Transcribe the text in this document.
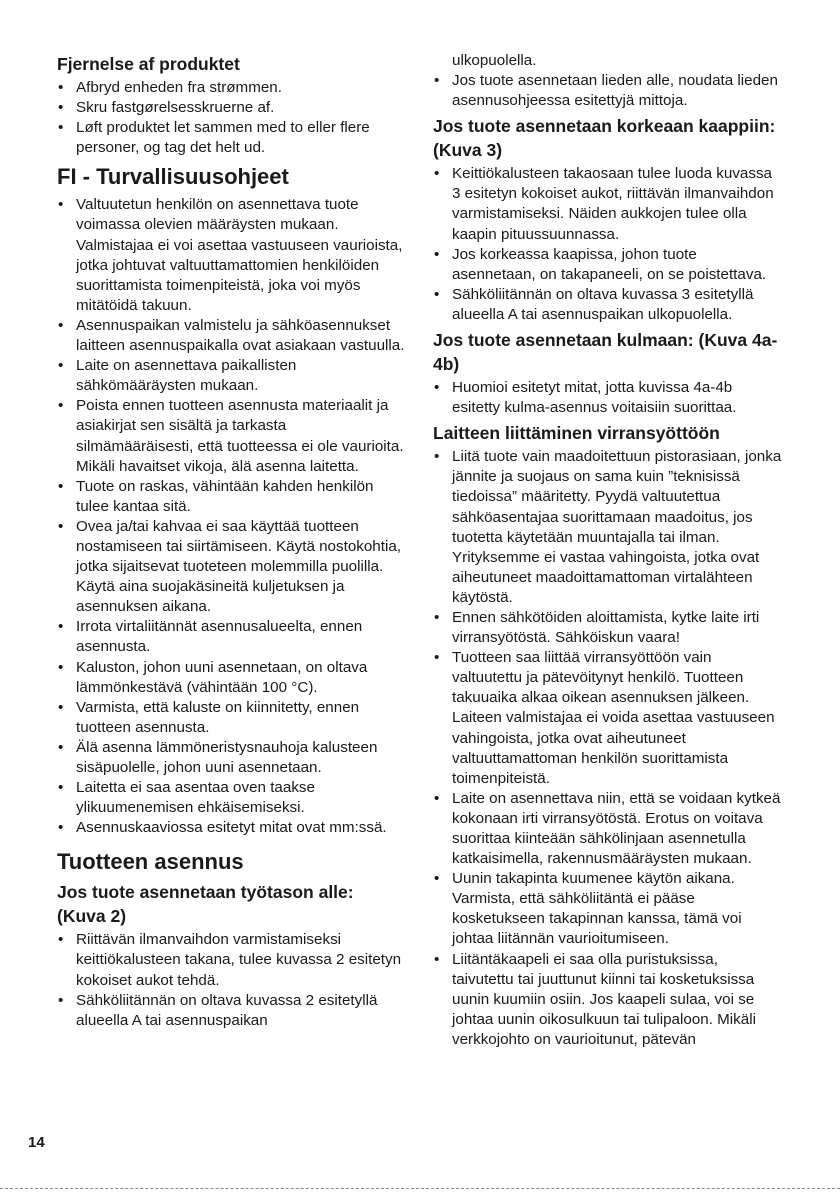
Fjernelse af produktet
• Afbryd enheden fra strømmen.
• Skru fastgørelsesskruerne af.
• Løft produktet let sammen med to eller flere personer, og tag det helt ud.
FI - Turvallisuusohjeet
• Valtuutetun henkilön on asennettava tuote voimassa olevien määräysten mukaan. Valmistajaa ei voi asettaa vastuuseen vaurioista, jotka johtuvat valtuuttamattomien henkilöiden suorittamista toimenpiteistä, joka voi myös mitätöidä takuun.
• Asennuspaikan valmistelu ja sähköasennukset laitteen asennuspaikalla ovat asiakaan vastuulla.
• Laite on asennettava paikallisten sähkömääräysten mukaan.
• Poista ennen tuotteen asennusta materiaalit ja asiakirjat sen sisältä ja tarkasta silmämääräisesti, että tuotteessa ei ole vaurioita. Mikäli havaitset vikoja, älä asenna laitetta.
• Tuote on raskas, vähintään kahden henkilön tulee kantaa sitä.
• Ovea ja/tai kahvaa ei saa käyttää tuotteen nostamiseen tai siirtämiseen. Käytä nostokohtia, jotka sijaitsevat tuoteteen molemmilla puolilla. Käytä aina suojakäsineitä kuljetuksen ja asennuksen aikana.
• Irrota virtaliitännät asennusalueelta, ennen asennusta.
• Kaluston, johon uuni asennetaan, on oltava lämmönkestävä (vähintään 100 °C).
• Varmista, että kaluste on kiinnitetty, ennen tuotteen asennusta.
• Älä asenna lämmöneristysnauhoja kalusteen sisäpuolelle, johon uuni asennetaan.
• Laitetta ei saa asentaa oven taakse ylikuumenemisen ehkäisemiseksi.
• Asennuskaaviossa esitetyt mitat ovat mm:ssä.
Tuotteen asennus
Jos tuote asennetaan työtason alle: (Kuva 2)
• Riittävän ilmanvaihdon varmistamiseksi keittiökalusteen takana, tulee kuvassa 2 esitetyn kokoiset aukot tehdä.
• Sähköliitännän on oltava kuvassa 2 esitetyllä alueella A tai asennuspaikan
ulkopuolella.
• Jos tuote asennetaan lieden alle, noudata lieden asennusohjeessa esitettyjä mittoja.
Jos tuote asennetaan korkeaan kaappiin: (Kuva 3)
• Keittiökalusteen takaosaan tulee luoda kuvassa 3 esitetyn kokoiset aukot, riittävän ilmanvaihdon varmistamiseksi. Näiden aukkojen tulee olla kaapin pituussuunnassa.
• Jos korkeassa kaapissa, johon tuote asennetaan, on takapaneeli, on se poistettava.
• Sähköliitännän on oltava kuvassa 3 esitetyllä alueella A tai asennuspaikan ulkopuolella.
Jos tuote asennetaan kulmaan: (Kuva 4a-4b)
• Huomioi esitetyt mitat, jotta kuvissa 4a-4b esitetty kulma-asennus voitaisiin suorittaa.
Laitteen liittäminen virransyöttöön
• Liitä tuote vain maadoitettuun pistorasiaan, jonka jännite ja suojaus on sama kuin ”teknisissä tiedoissa” määritetty. Pyydä valtuutettua sähköasentajaa suorittamaan maadoitus, jos tuotetta käytetään muuntajalla tai ilman. Yrityksemme ei vastaa vahingoista, jotka ovat aiheutuneet maadoittamattoman virtalähteen käytöstä.
• Ennen sähkötöiden aloittamista, kytke laite irti virransyötöstä. Sähköiskun vaara!
• Tuotteen saa liittää virransyöttöön vain valtuutettu ja pätevöitynyt henkilö. Tuotteen takuuaika alkaa oikean asennuksen jälkeen. Laiteen valmistajaa ei voida asettaa vastuuseen vahingoista, jotka ovat aiheutuneet valtuuttamattoman henkilön suorittamista toimenpiteistä.
• Laite on asennettava niin, että se voidaan kytkeä kokonaan irti virransyötöstä. Erotus on voitava suorittaa kiinteään sähkölinjaan asennetulla katkaisimella, rakennusmääräysten mukaan.
• Uunin takapinta kuumenee käytön aikana. Varmista, että sähköliitäntä ei pääse kosketukseen takapinnan kanssa, tämä voi johtaa liitännän vaurioitumiseen.
• Liitäntäkaapeli ei saa olla puristuksissa, taivutettu tai juuttunut kiinni tai kosketuksissa uunin kuumiin osiin. Jos kaapeli sulaa, voi se johtaa uunin oikosulkuun tai tulipaloon. Mikäli verkkojohto on vaurioitunut, pätevän
14
